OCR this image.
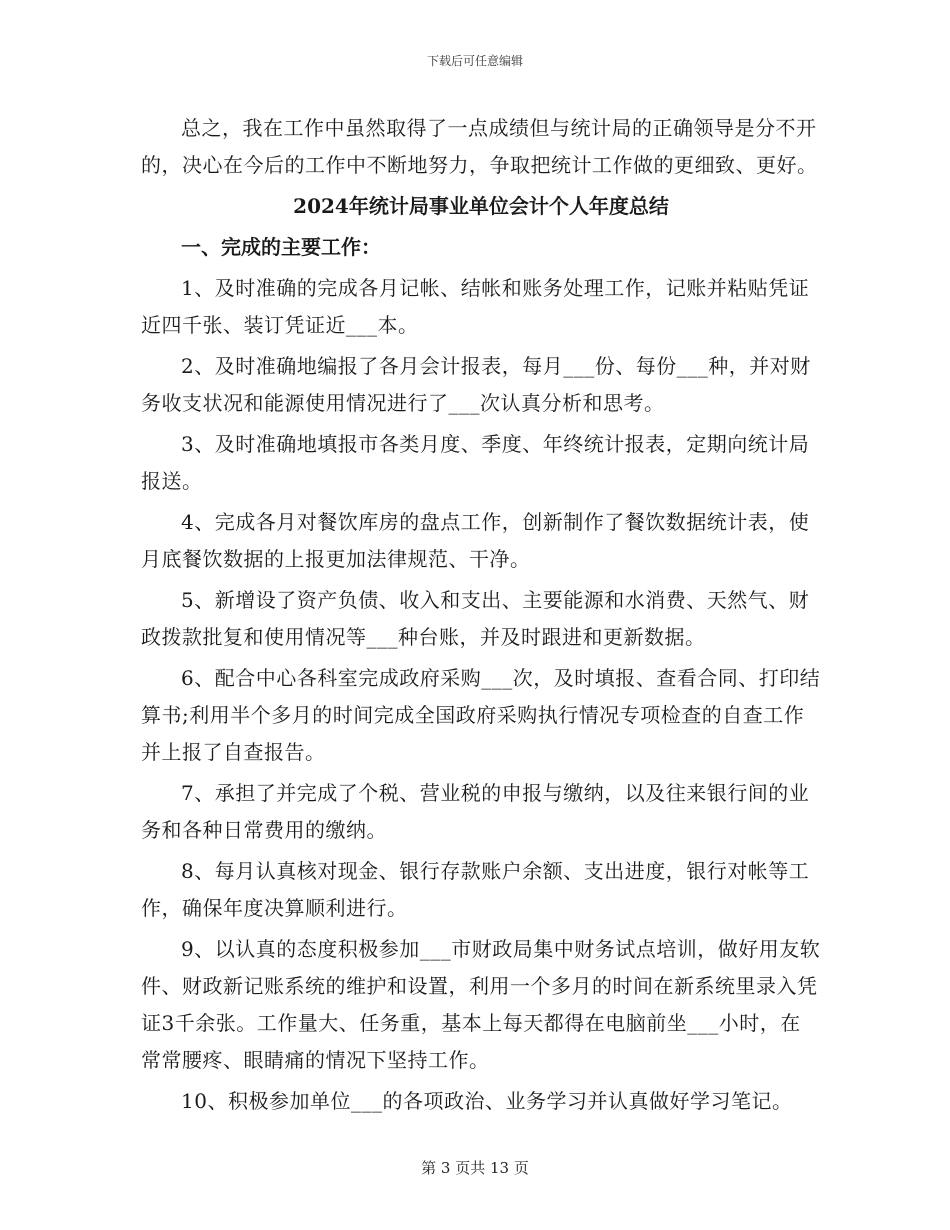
下载后可任意编辑

总之，我在工作中虽然取得了一点成绩但与统计局的正确领导是分不开的，决心在今后的工作中不断地努力，争取把统计工作做的更细致、更好。

2024年统计局事业单位会计个人年度总结
一、完成的主要工作：

1、及时准确的完成各月记帐、结帐和账务处理工作，记账并粘贴凭证近四千张、装订凭证近___本。

2、及时准确地编报了各月会计报表，每月___份、每份___种，并对财务收支状况和能源使用情况进行了___次认真分析和思考。

3、及时准确地填报市各类月度、季度、年终统计报表，定期向统计局报送。

4、完成各月对餐饮库房的盘点工作，创新制作了餐饮数据统计表，使月底餐饮数据的上报更加法律规范、干净。

5、新增设了资产负债、收入和支出、主要能源和水消费、天然气、财政拨款批复和使用情况等___种台账，并及时跟进和更新数据。

6、配合中心各科室完成政府采购___次，及时填报、查看合同、打印结算书;利用半个多月的时间完成全国政府采购执行情况专项检查的自查工作并上报了自查报告。

7、承担了并完成了个税、营业税的申报与缴纳，以及往来银行间的业务和各种日常费用的缴纳。

8、每月认真核对现金、银行存款账户余额、支出进度，银行对帐等工作，确保年度决算顺利进行。

9、以认真的态度积极参加___市财政局集中财务试点培训，做好用友软件、财政新记账系统的维护和设置，利用一个多月的时间在新系统里录入凭证3千余张。工作量大、任务重，基本上每天都得在电脑前坐___小时，在常常腰疼、眼睛痛的情况下坚持工作。

10、积极参加单位___的各项政治、业务学习并认真做好学习笔记。

第 3 页共 13 页
